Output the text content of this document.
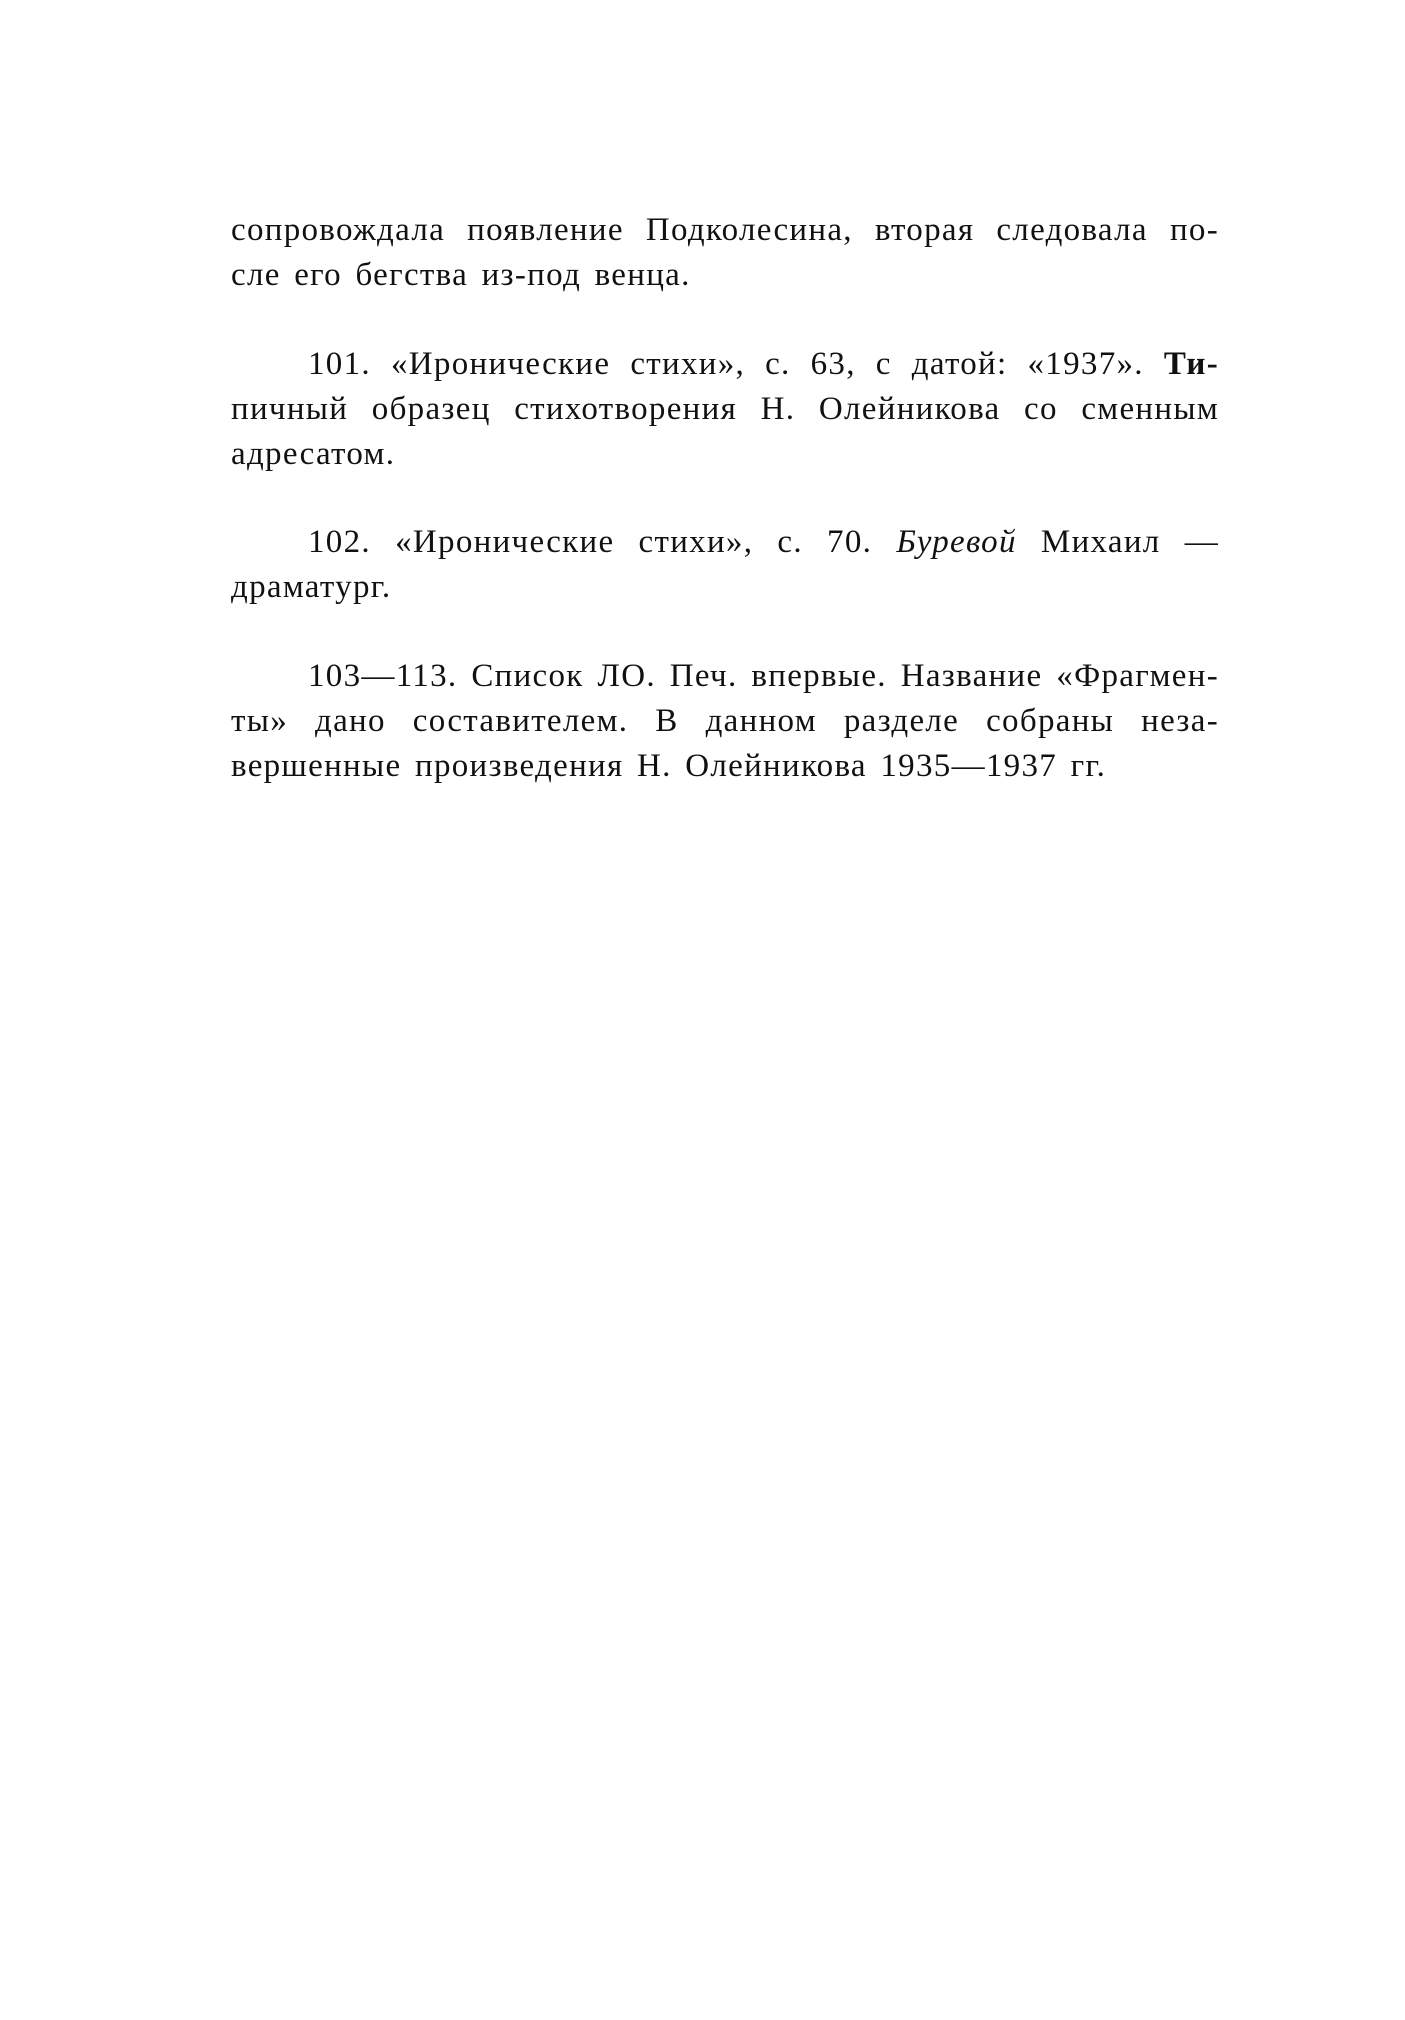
сопровождала появление Подколесина, вторая следовала по-
сле его бегства из-под венца.
101. «Иронические стихи», с. 63, с датой: «1937». Ти-
пичный образец стихотворения Н. Олейникова со сменным
адресатом.
102. «Иронические стихи», с. 70. Буревой Михаил —
драматург.
103—113. Список ЛО. Печ. впервые. Название «Фрагмен-
ты» дано составителем. В данном разделе собраны неза-
вершенные произведения Н. Олейникова 1935—1937 гг.
